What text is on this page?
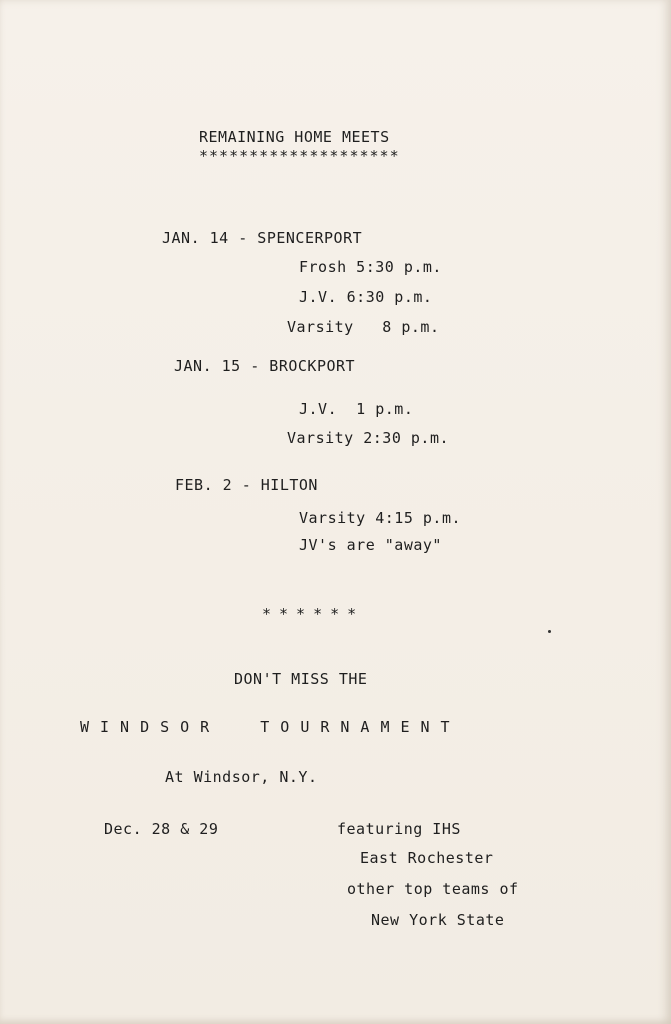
REMAINING HOME MEETS
********************
JAN. 14 - SPENCERPORT
Frosh 5:30 p.m.
J.V. 6:30 p.m.
Varsity   8 p.m.
JAN. 15 - BROCKPORT
J.V.  1 p.m.
Varsity 2:30 p.m.
FEB. 2 - HILTON
Varsity 4:15 p.m.
JV's are "away"
******
DON'T MISS THE
WINDSOR  TOURNAMENT
At Windsor, N.Y.
Dec. 28 & 29	featuring IHS
East Rochester
other top teams of
New York State
